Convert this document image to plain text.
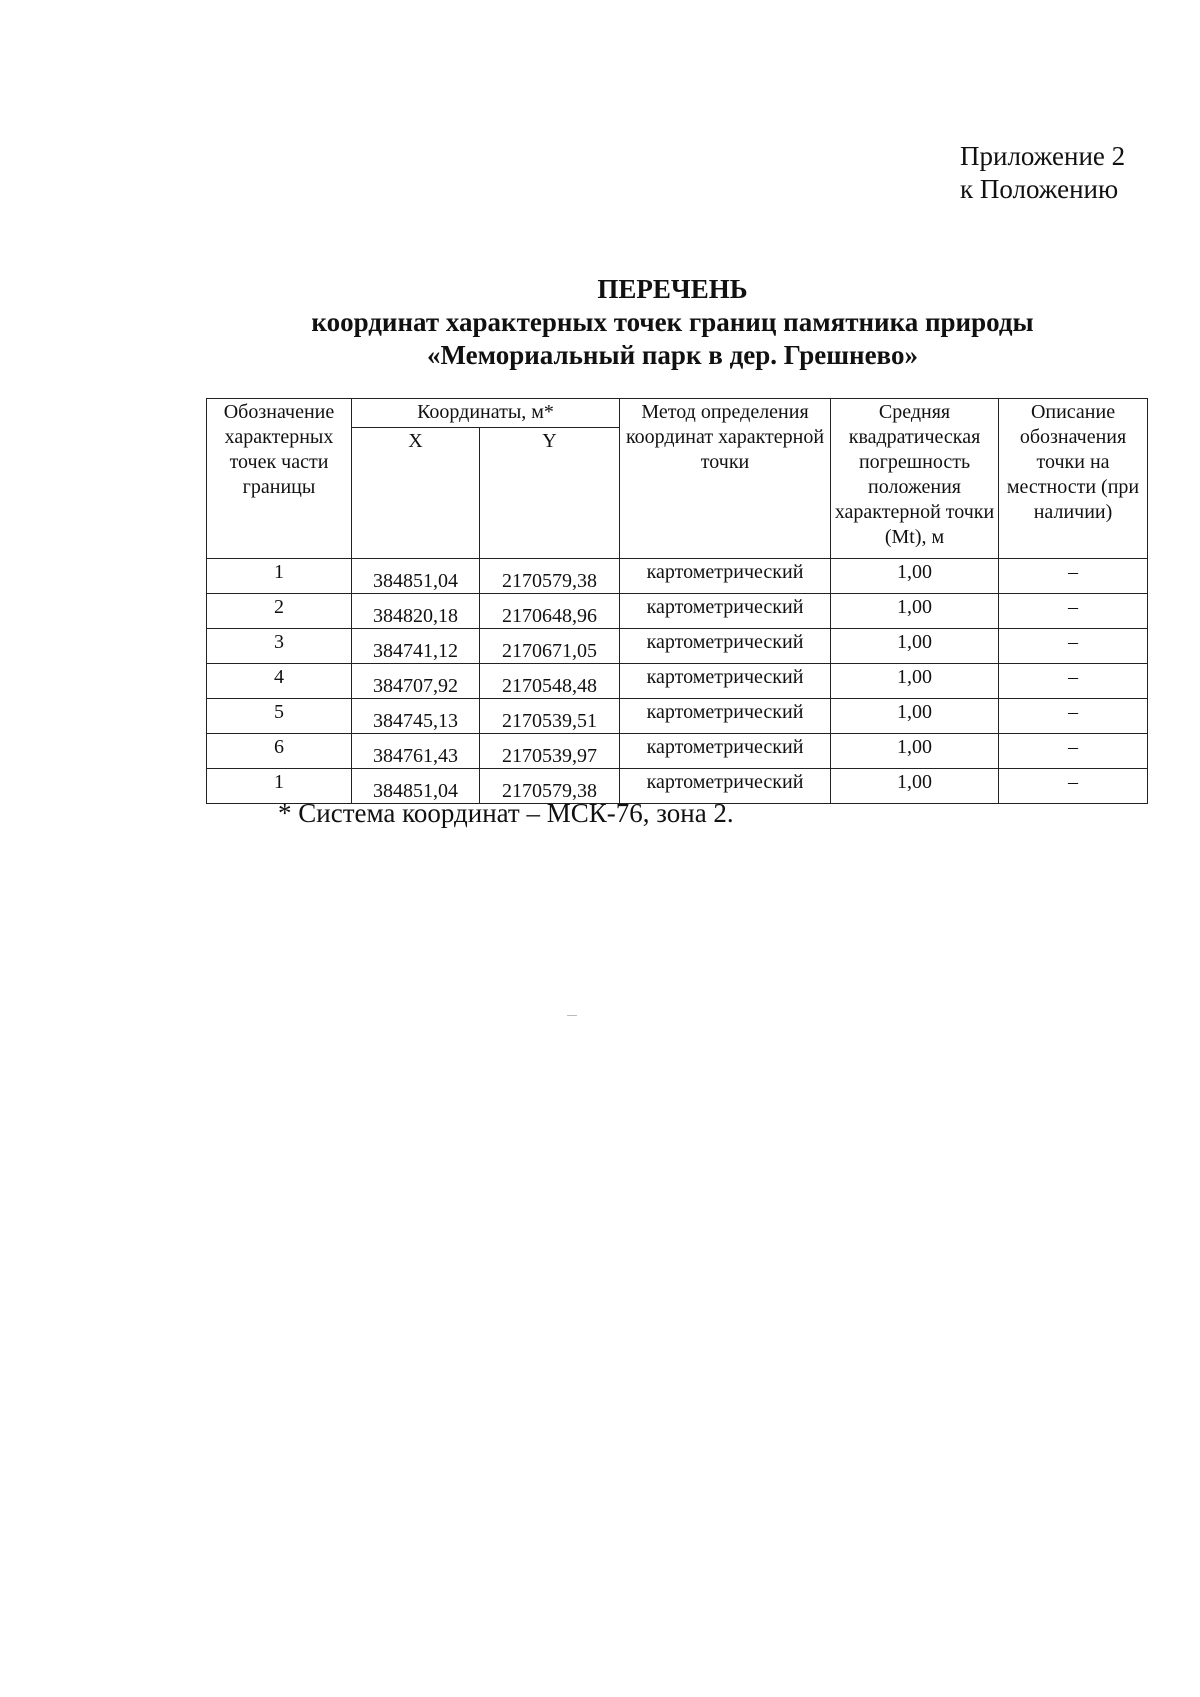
Приложение 2
к Положению
ПЕРЕЧЕНЬ
координат характерных точек границ памятника природы
«Мемориальный парк в дер. Грешнево»
Обозначение характерных точек части границы	Координаты, м*		Метод определения координат характерной точки	Средняя квадратическая погрешность положения характерной точки (Mt), м	Описание обозначения точки на местности (при наличии)
	X	Y			
1	384851,04	2170579,38	картометрический	1,00	–
2	384820,18	2170648,96	картометрический	1,00	–
3	384741,12	2170671,05	картометрический	1,00	–
4	384707,92	2170548,48	картометрический	1,00	–
5	384745,13	2170539,51	картометрический	1,00	–
6	384761,43	2170539,97	картометрический	1,00	–
1	384851,04	2170579,38	картометрический	1,00	–
* Система координат – МСК-76, зона 2.
